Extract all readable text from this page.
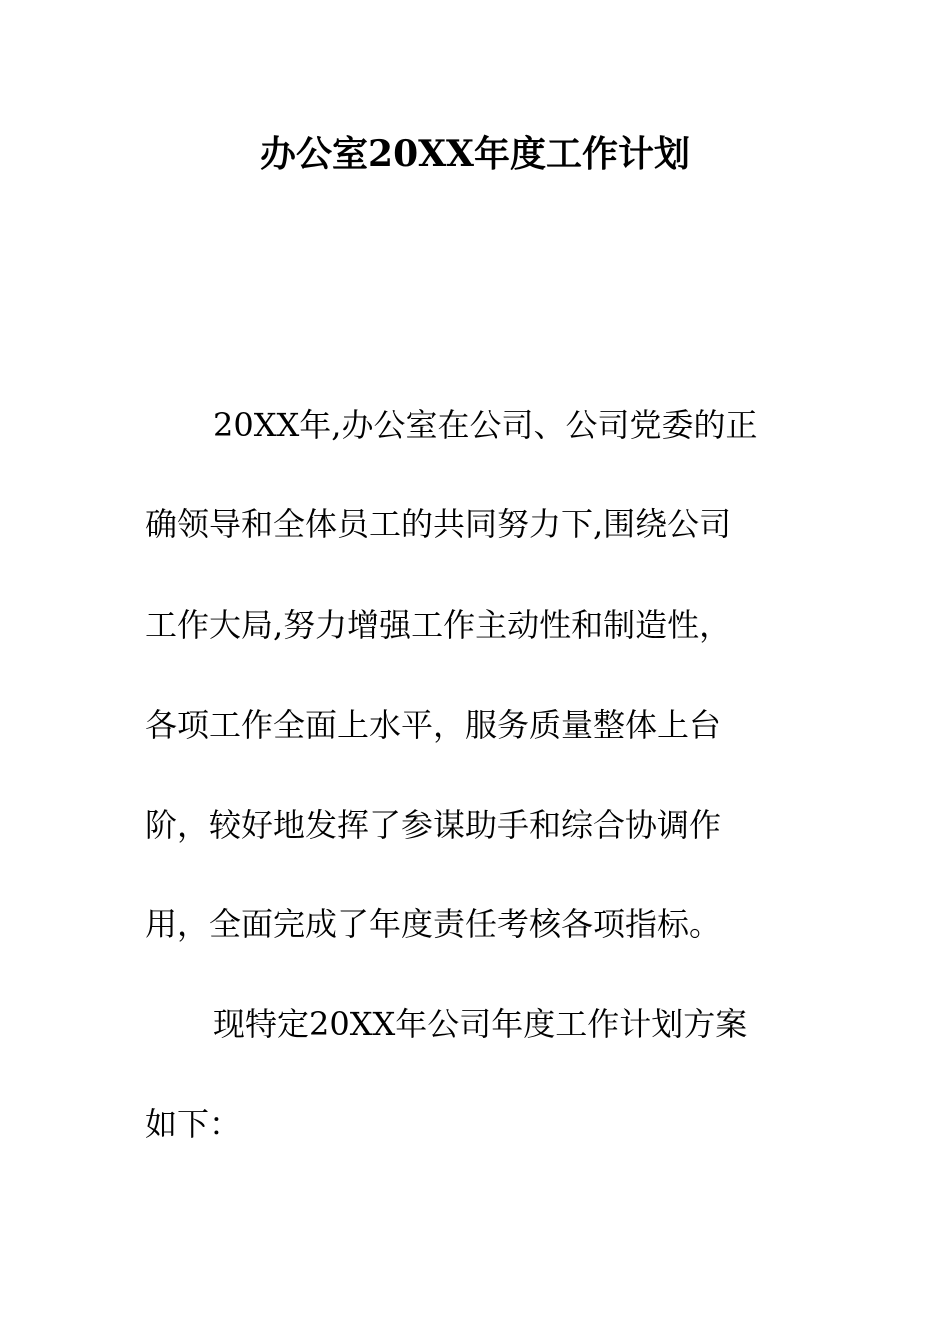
办公室20XX年度工作计划

20XX年,办公室在公司、公司党委的正

确领导和全体员工的共同努力下,围绕公司

工作大局,努力增强工作主动性和制造性，

各项工作全面上水平，服务质量整体上台

阶，较好地发挥了参谋助手和综合协调作

用，全面完成了年度责任考核各项指标。

现特定20XX年公司年度工作计划方案

如下：
